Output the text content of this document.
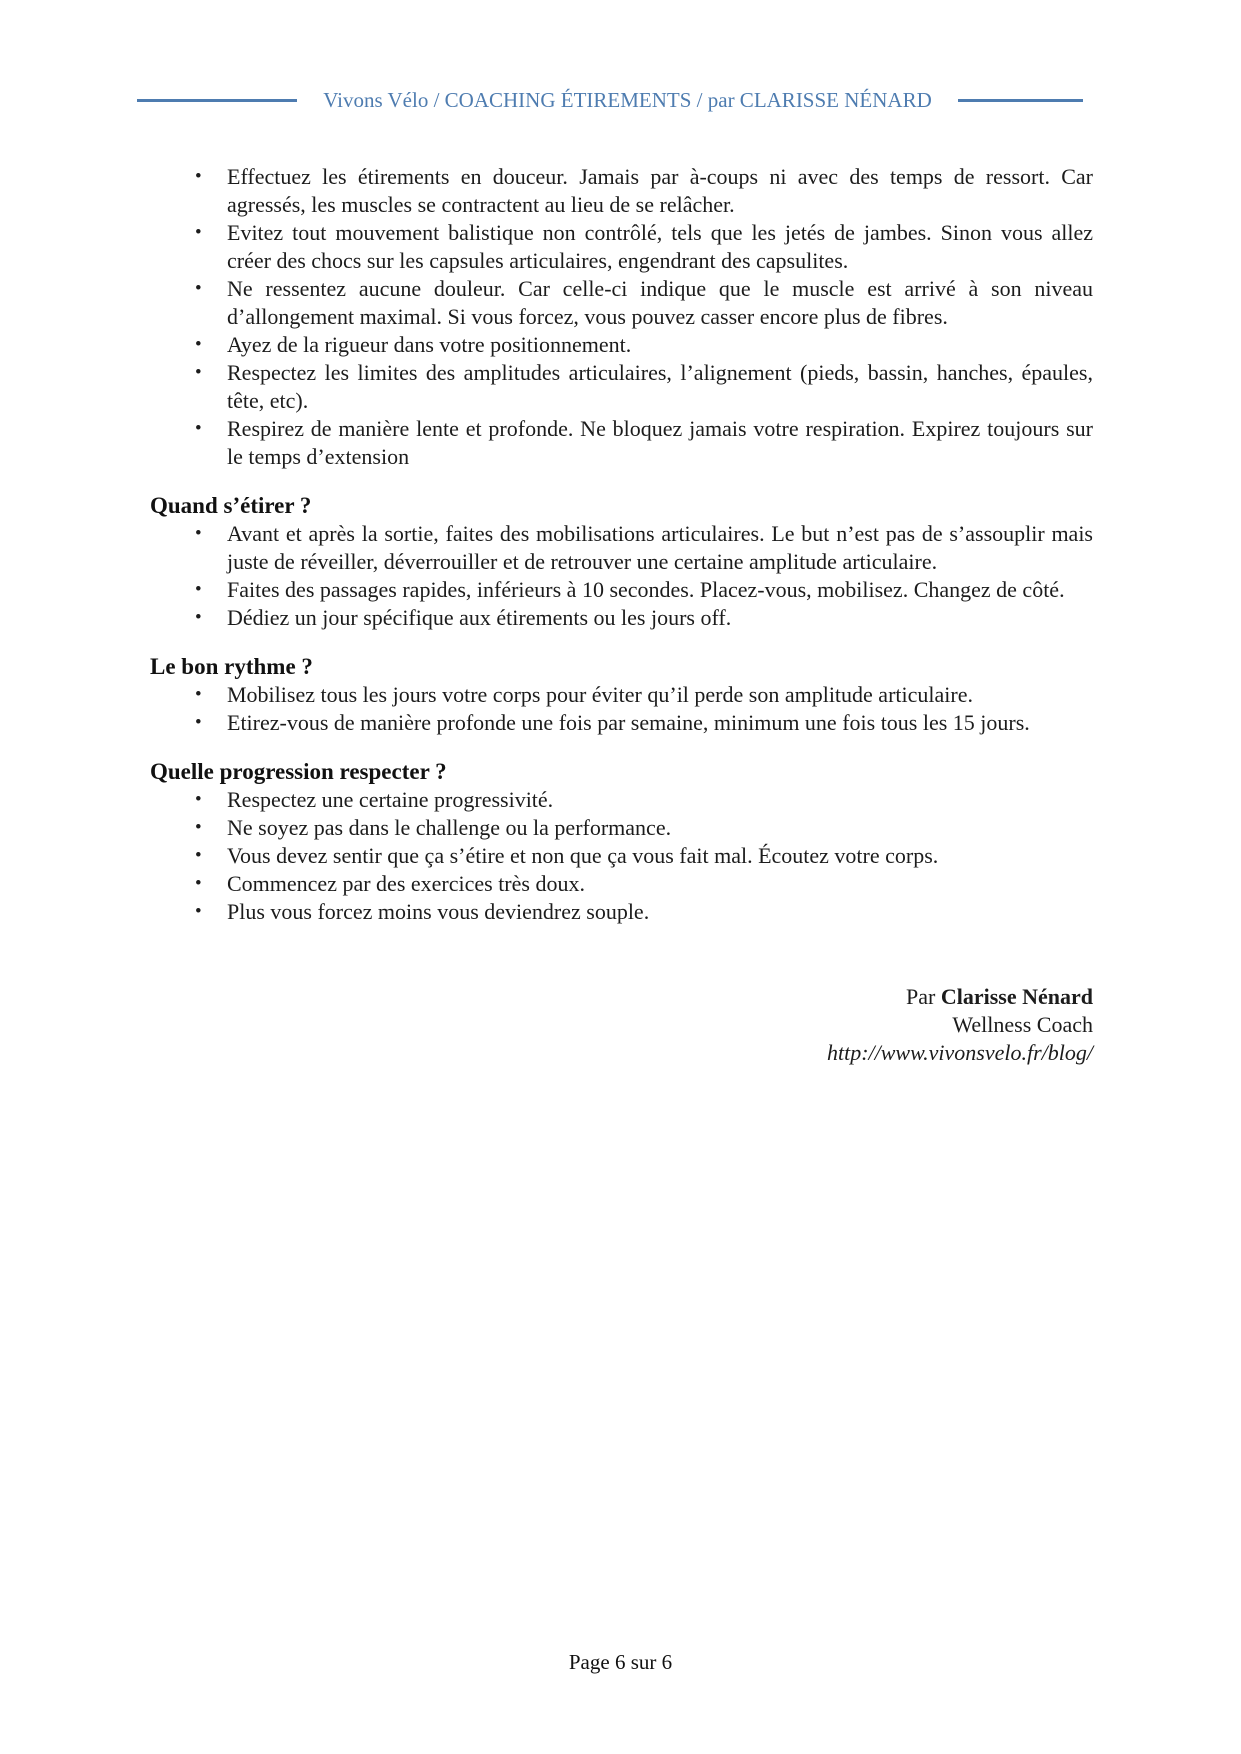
Vivons Vélo / COACHING ÉTIREMENTS / par CLARISSE NÉNARD
• Effectuez les étirements en douceur. Jamais par à-coups ni avec des temps de ressort. Car agressés, les muscles se contractent au lieu de se relâcher.
• Evitez tout mouvement balistique non contrôlé, tels que les jetés de jambes. Sinon vous allez créer des chocs sur les capsules articulaires, engendrant des capsulites.
• Ne ressentez aucune douleur. Car celle-ci indique que le muscle est arrivé à son niveau d’allongement maximal. Si vous forcez, vous pouvez casser encore plus de fibres.
• Ayez de la rigueur dans votre positionnement.
• Respectez les limites des amplitudes articulaires, l’alignement (pieds, bassin, hanches, épaules, tête, etc).
• Respirez de manière lente et profonde. Ne bloquez jamais votre respiration. Expirez toujours sur le temps d’extension
Quand s’étirer ?
• Avant et après la sortie, faites des mobilisations articulaires. Le but n’est pas de s’assouplir mais juste de réveiller, déverrouiller et de retrouver une certaine amplitude articulaire.
• Faites des passages rapides, inférieurs à 10 secondes. Placez-vous, mobilisez. Changez de côté.
• Dédiez un jour spécifique aux étirements ou les jours off.
Le bon rythme ?
• Mobilisez tous les jours votre corps pour éviter qu’il perde son amplitude articulaire.
• Etirez-vous de manière profonde une fois par semaine, minimum une fois tous les 15 jours.
Quelle progression respecter ?
• Respectez une certaine progressivité.
• Ne soyez pas dans le challenge ou la performance.
• Vous devez sentir que ça s’étire et non que ça vous fait mal. Écoutez votre corps.
• Commencez par des exercices très doux.
• Plus vous forcez moins vous deviendrez souple.

Par Clarisse Nénard

Wellness Coach

http://www.vivonsvelo.fr/blog/

Page 6 sur 6
